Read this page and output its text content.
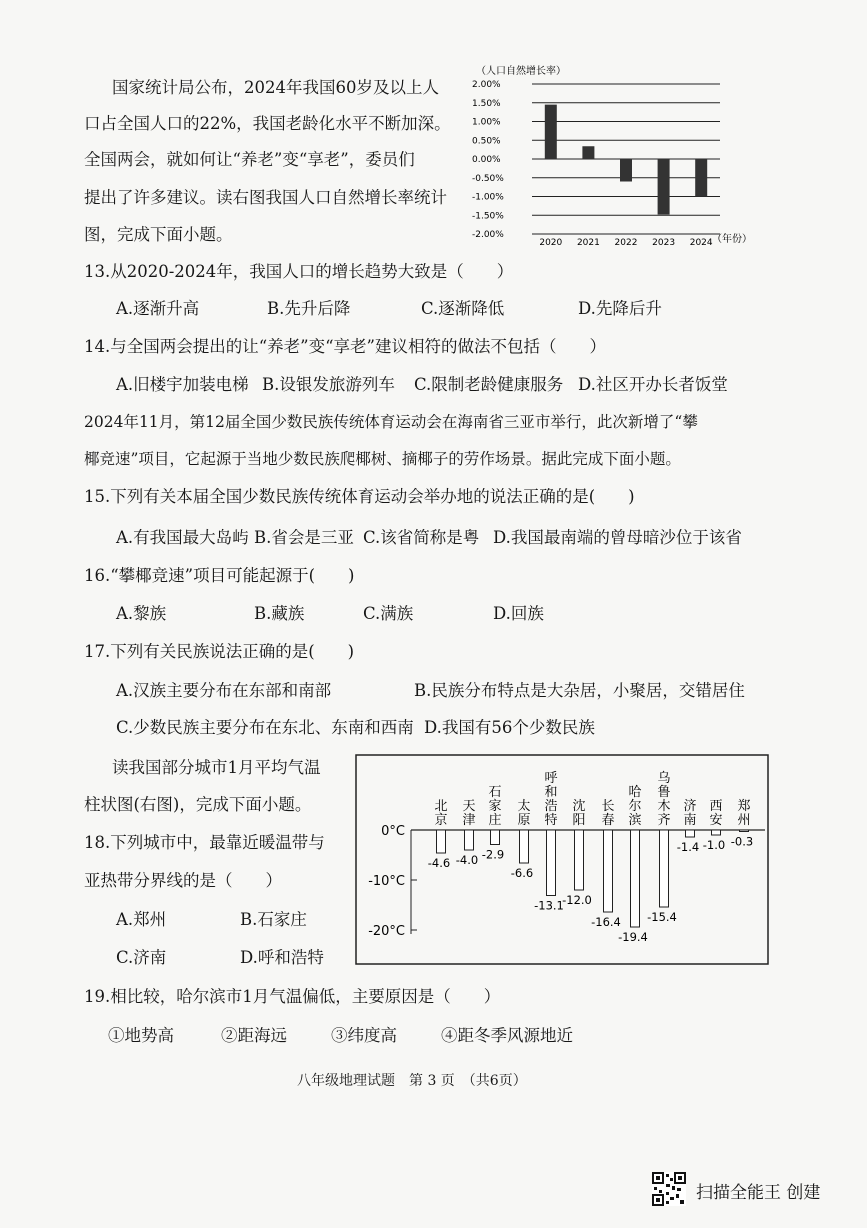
国家统计局公布，2024年我国60岁及以上人
口占全国人口的22%，我国老龄化水平不断加深。
全国两会，就如何让“养老”变“享老”，委员们
提出了许多建议。读右图我国人口自然增长率统计
图，完成下面小题。
（人口自然增长率）
2.00%
1.50%
1.00%
0.50%
0.00%
-0.50%
-1.00%
-1.50%
-2.00%
2020 2021 2022 2023 2024 （年份）
13.从2020-2024年，我国人口的增长趋势大致是（　　）
A.逐渐升高	B.先升后降	C.逐渐降低	D.先降后升
14.与全国两会提出的让“养老”变“享老”建议相符的做法不包括（　　）
A.旧楼宇加装电梯 B.设银发旅游列车 C.限制老龄健康服务 D.社区开办长者饭堂
2024年11月，第12届全国少数民族传统体育运动会在海南省三亚市举行，此次新增了“攀
椰竞速”项目，它起源于当地少数民族爬椰树、摘椰子的劳作场景。据此完成下面小题。
15.下列有关本届全国少数民族传统体育运动会举办地的说法正确的是(　　)
A.有我国最大岛屿 B.省会是三亚 C.该省简称是粤 D.我国最南端的曾母暗沙位于该省
16.“攀椰竞速”项目可能起源于(　　)
A.黎族	B.藏族	C.满族	D.回族
17.下列有关民族说法正确的是(　　)
A.汉族主要分布在东部和南部	B.民族分布特点是大杂居，小聚居，交错居住
C.少数民族主要分布在东北、东南和西南 D.我国有56个少数民族
读我国部分城市1月平均气温
柱状图(右图)，完成下面小题。
18.下列城市中，最靠近暖温带与
亚热带分界线的是（　　）
A.郑州	B.石家庄
C.济南	D.呼和浩特
0°C
-10°C
-20°C
北
京
-4.6
天
津
-4.0
石
家
庄
-2.9
太
原
-6.6
呼
和
浩
特
-13.1
沈
阳
-12.0
长
春
-16.4
哈
尔
滨
-19.4
乌
鲁
木
齐
-15.4
济
南
-1.4
西
安
-1.0
郑
州
-0.3
19.相比较，哈尔滨市1月气温偏低，主要原因是（　　）
①地势高	②距海远	③纬度高	④距冬季风源地近
八年级地理试题　第 3 页　（共6页）
扫描全能王 创建
